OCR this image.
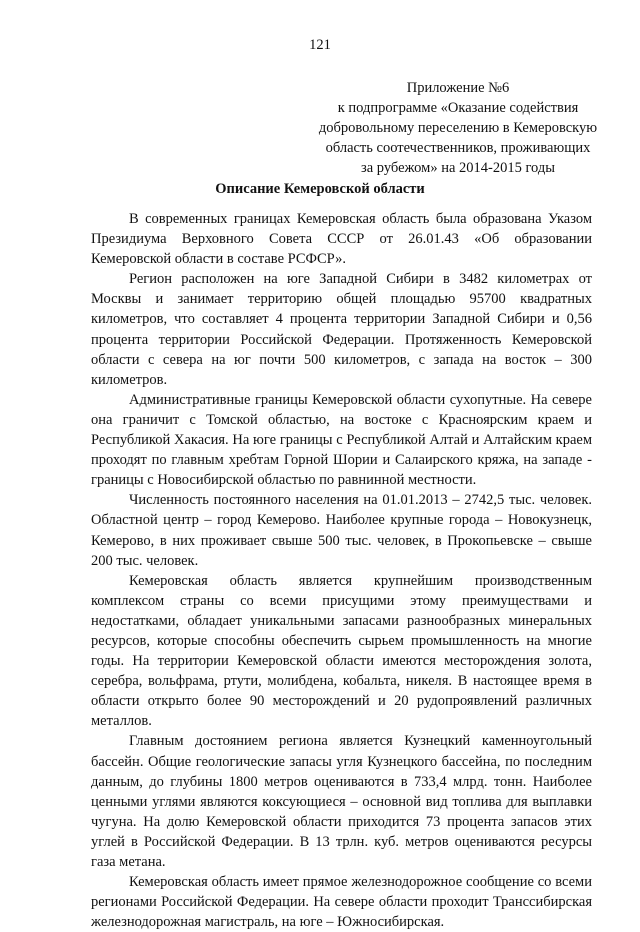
121
Приложение №6
к подпрограмме «Оказание содействия
добровольному переселению в Кемеровскую
область соотечественников, проживающих
за рубежом» на 2014-2015 годы
Описание Кемеровской области

В современных границах Кемеровская область была образована Указом Президиума Верховного Совета СССР от 26.01.43 «Об образовании Кемеровской области в составе РСФСР».

Регион расположен на юге Западной Сибири в 3482 километрах от Москвы и занимает территорию общей площадью 95700 квадратных километров, что составляет 4 процента территории Западной Сибири и 0,56 процента территории Российской Федерации. Протяженность Кемеровской области с севера на юг почти 500 километров, с запада на восток – 300 километров.

Административные границы Кемеровской области сухопутные. На севере она граничит с Томской областью, на востоке с Красноярским краем и Республикой Хакасия. На юге границы с Республикой Алтай и Алтайским краем проходят по главным хребтам Горной Шории и Салаирского кряжа, на западе - границы с Новосибирской областью по равнинной местности.

Численность постоянного населения на 01.01.2013 – 2742,5 тыс. человек. Областной центр – город Кемерово. Наиболее крупные города – Новокузнецк, Кемерово, в них проживает свыше 500 тыс. человек, в Прокопьевске – свыше 200 тыс. человек.

Кемеровская область является крупнейшим производственным комплексом страны со всеми присущими этому преимуществами и недостатками, обладает уникальными запасами разнообразных минеральных ресурсов, которые способны обеспечить сырьем промышленность на многие годы. На территории Кемеровской области имеются месторождения золота, серебра, вольфрама, ртути, молибдена, кобальта, никеля. В настоящее время в области открыто более 90 месторождений и 20 рудопроявлений различных металлов.

Главным достоянием региона является Кузнецкий каменноугольный бассейн. Общие геологические запасы угля Кузнецкого бассейна, по последним данным, до глубины 1800 метров оцениваются в 733,4 млрд. тонн. Наиболее ценными углями являются коксующиеся – основной вид топлива для выплавки чугуна. На долю Кемеровской области приходится 73 процента запасов этих углей в Российской Федерации. В 13 трлн. куб. метров оцениваются ресурсы газа метана.

Кемеровская область имеет прямое железнодорожное сообщение со всеми регионами Российской Федерации. На севере области проходит Транссибирская железнодорожная магистраль, на юге – Южносибирская.
